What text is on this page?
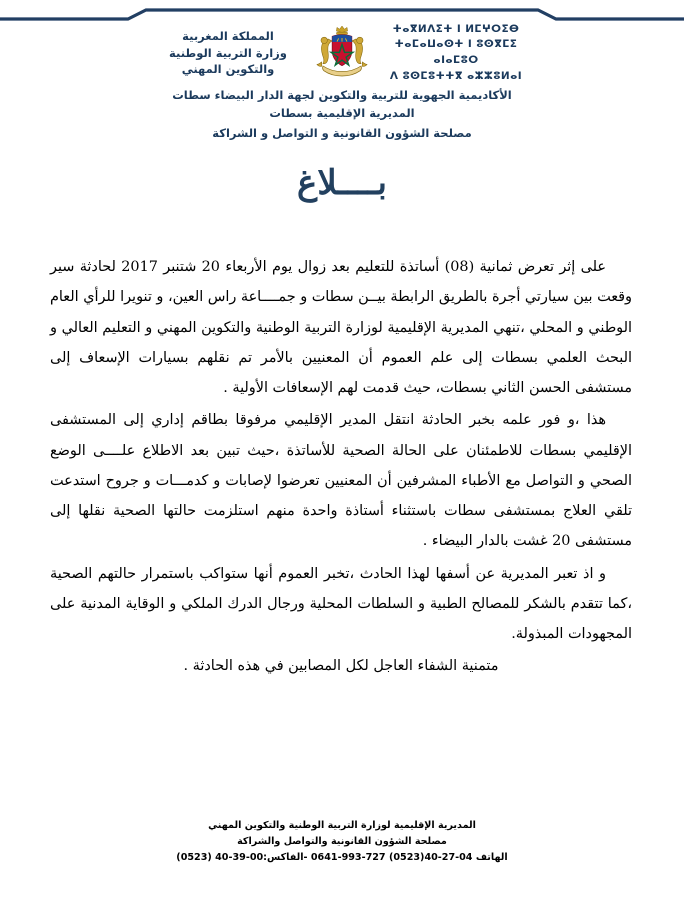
ⵜⴰⴳⵍⴷⵉⵜ ⵏ ⵍⵎⵖⵔⵉⴱ
ⵜⴰⵎⴰⵡⴰⵙⵜ ⵏ ⵓⵙⴳⵎⵉ ⴰⵏⴰⵎⵓⵔ
ⴷ ⵓⵙⵎⵓⵜⵜⴳ ⴰⵣⵣⵓⵍⴰⵏ
المملكة المغربية
وزارة التربية الوطنية
والتكوين المهني
الأكاديمية الجهوية للتربية والتكوين لجهة الدار البيضاء سطات
المديرية الإقليمية بسطات
مصلحة الشؤون القانونية و التواصل و الشراكة
بــــلاغ

على إثر تعرض ثمانية (08) أساتذة للتعليم بعد زوال يوم الأربعاء 20 شتنبر 2017 لحادثة سير وقعت بين سيارتي أجرة بالطريق الرابطة بيــن سطات و جمــــاعة راس العين، و تنويرا للرأي العام الوطني و المحلي ،تنهي المديرية الإقليمية لوزارة التربية الوطنية والتكوين المهني و التعليم العالي و البحث العلمي بسطات إلى علم العموم أن المعنيين بالأمر تم نقلهم بسيارات الإسعاف إلى مستشفى الحسن الثاني بسطات، حيث قدمت لهم الإسعافات الأولية .

هذا ،و فور علمه بخبر الحادثة انتقل المدير الإقليمي مرفوقا بطاقم إداري إلى المستشفى الإقليمي بسطات للاطمئنان على الحالة الصحية للأساتذة ،حيث تبين بعد الاطلاع علــــى الوضع الصحي و التواصل مع الأطباء المشرفين أن المعنيين تعرضوا لإصابات و كدمـــات و جروح استدعت تلقي العلاج بمستشفى سطات باستثناء أستاذة واحدة منهم استلزمت حالتها الصحية نقلها إلى مستشفى 20 غشت بالدار البيضاء .

و اذ تعبر المديرية عن أسفها لهذا الحادث ،تخبر العموم أنها ستواكب باستمرار حالتهم الصحية ،كما تتقدم بالشكر للمصالح الطبية و السلطات المحلية ورجال الدرك الملكي و الوقاية المدنية على المجهودات المبذولة.

متمنية الشفاء العاجل لكل المصابين في هذه الحادثة .

المديرية الإقليمية لوزارة التربية الوطنية والتكوين المهني
مصلحة الشؤون القانونية والتواصل والشراكة
الهاتف 04-27-40(0523) 727-993-0641 -الفاكس:00-39-40 (0523)
